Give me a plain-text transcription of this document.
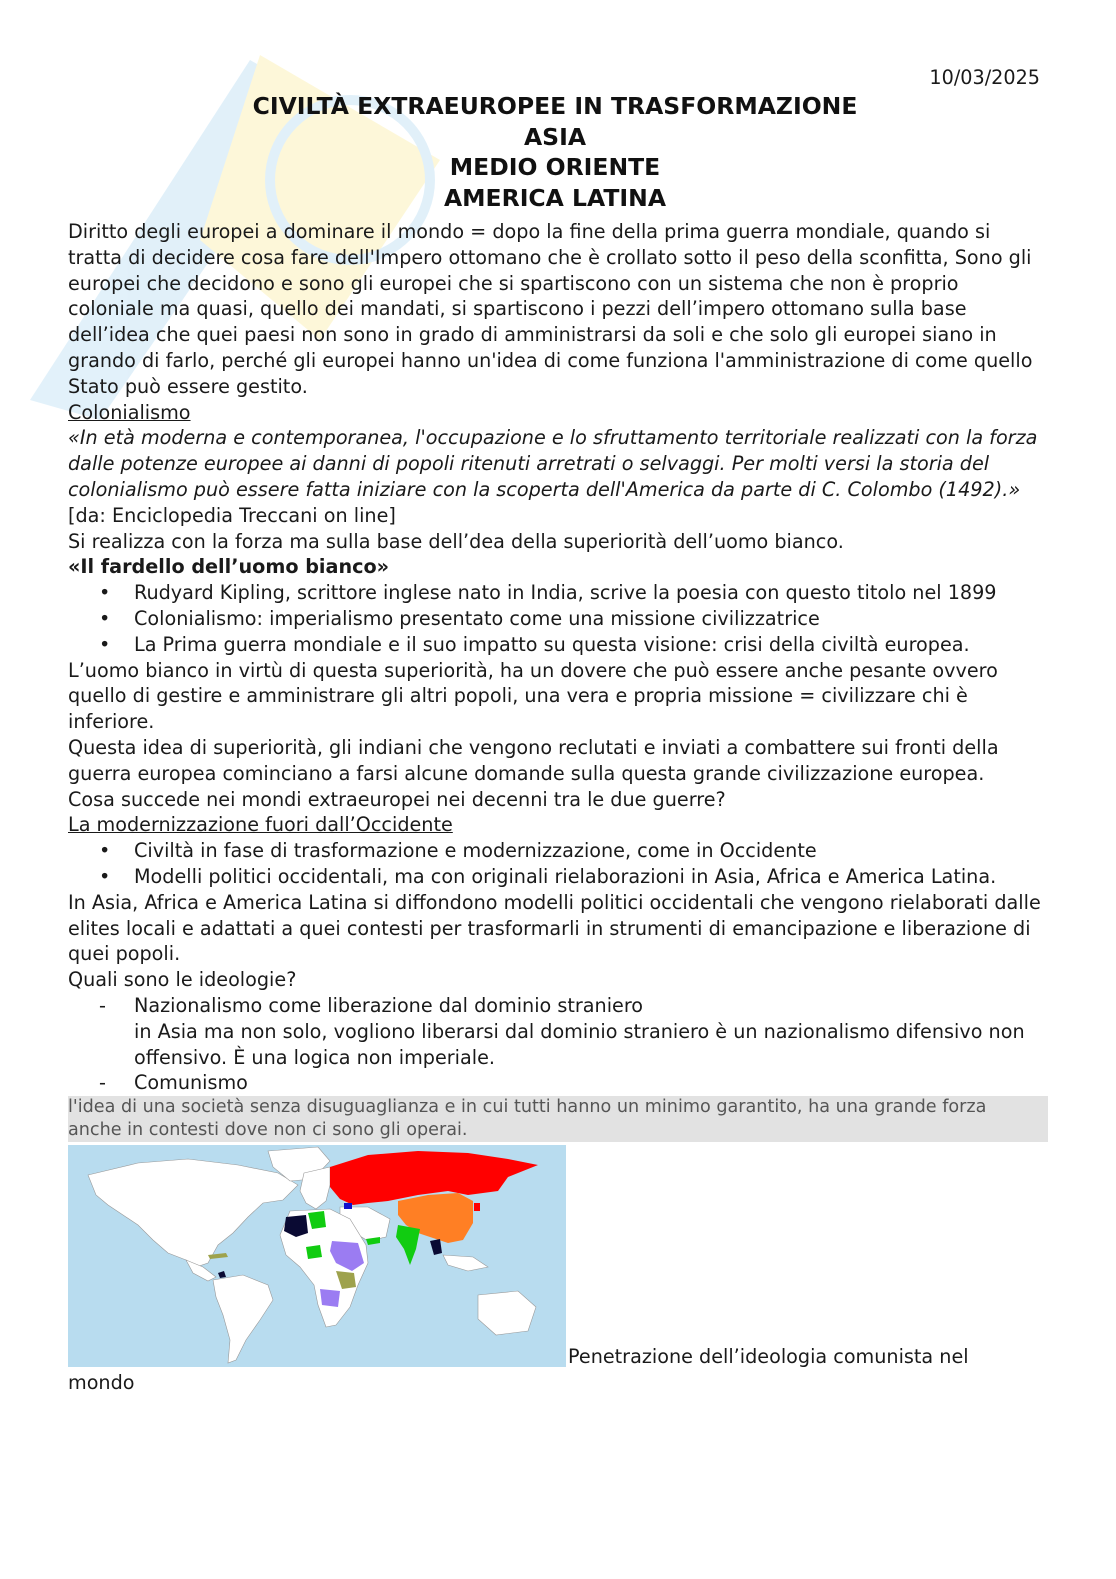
10/03/2025
CIVILTÀ EXTRAEUROPEE IN TRASFORMAZIONE
ASIA
MEDIO ORIENTE
AMERICA LATINA

Diritto degli europei a dominare il mondo = dopo la fine della prima guerra mondiale, quando si tratta di decidere cosa fare dell'Impero ottomano che è crollato sotto il peso della sconfitta, Sono gli europei che decidono e sono gli europei che si spartiscono con un sistema che non è proprio coloniale ma quasi, quello dei mandati, si spartiscono i pezzi dell’impero ottomano sulla base dell’idea che quei paesi non sono in grado di amministrarsi da soli e che solo gli europei siano in grando di farlo, perché gli europei hanno un'idea di come funziona l'amministrazione di come quello Stato può essere gestito.

Colonialismo

«In età moderna e contemporanea, l'occupazione e lo sfruttamento territoriale realizzati con la forza dalle potenze europee ai danni di popoli ritenuti arretrati o selvaggi. Per molti versi la storia del colonialismo può essere fatta iniziare con la scoperta dell'America da parte di C. Colombo (1492).»

[da: Enciclopedia Treccani on line]

Si realizza con la forza ma sulla base dell’dea della superiorità dell’uomo bianco.

«Il fardello dell’uomo bianco»

• Rudyard Kipling, scrittore inglese nato in India, scrive la poesia con questo titolo nel 1899
• Colonialismo: imperialismo presentato come una missione civilizzatrice
• La Prima guerra mondiale e il suo impatto su questa visione: crisi della civiltà europea.

L’uomo bianco in virtù di questa superiorità, ha un dovere che può essere anche pesante ovvero quello di gestire e amministrare gli altri popoli, una vera e propria missione = civilizzare chi è inferiore.

Questa idea di superiorità, gli indiani che vengono reclutati e inviati a combattere sui fronti della guerra europea cominciano a farsi alcune domande sulla questa grande civilizzazione europea.

Cosa succede nei mondi extraeuropei nei decenni tra le due guerre?

La modernizzazione fuori dall’Occidente

• Civiltà in fase di trasformazione e modernizzazione, come in Occidente
• Modelli politici occidentali, ma con originali rielaborazioni in Asia, Africa e America Latina.

In Asia, Africa e America Latina si diffondono modelli politici occidentali che vengono rielaborati dalle elites locali e adattati a quei contesti per trasformarli in strumenti di emancipazione e liberazione di quei popoli.

Quali sono le ideologie?

- Nazionalismo come liberazione dal dominio straniero

in Asia ma non solo, vogliono liberarsi dal dominio straniero è un nazionalismo difensivo non offensivo. È una logica non imperiale.

- Comunismo

l'idea di una società senza disuguaglianza e in cui tutti hanno un minimo garantito, ha una grande forza anche in contesti dove non ci sono gli operai.

Penetrazione dell’ideologia comunista nel
mondo
